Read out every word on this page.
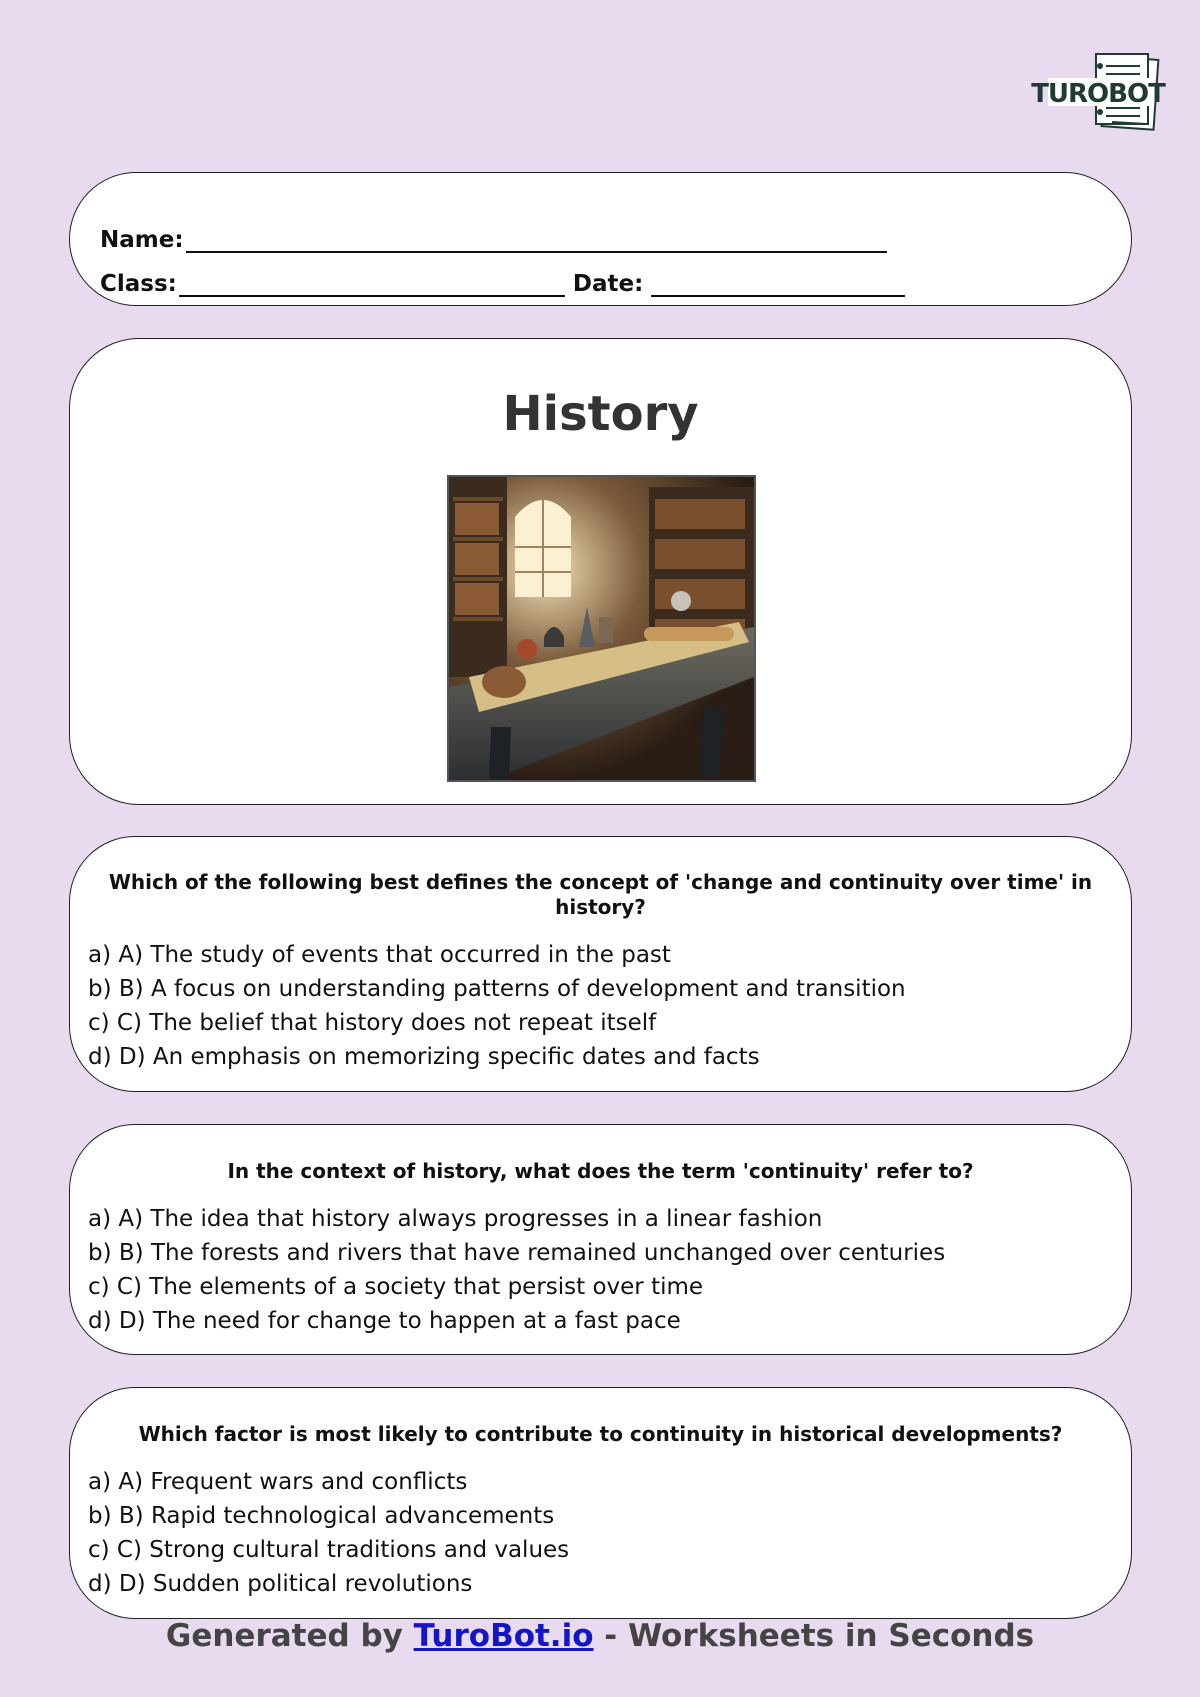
TUROBOT
Name:
Class:	Date:
History
Which of the following best defines the concept of 'change and continuity over time' in history?
a) A) The study of events that occurred in the past
b) B) A focus on understanding patterns of development and transition
c) C) The belief that history does not repeat itself
d) D) An emphasis on memorizing specific dates and facts
In the context of history, what does the term 'continuity' refer to?
a) A) The idea that history always progresses in a linear fashion
b) B) The forests and rivers that have remained unchanged over centuries
c) C) The elements of a society that persist over time
d) D) The need for change to happen at a fast pace
Which factor is most likely to contribute to continuity in historical developments?
a) A) Frequent wars and conflicts
b) B) Rapid technological advancements
c) C) Strong cultural traditions and values
d) D) Sudden political revolutions
Generated by TuroBot.io - Worksheets in Seconds
